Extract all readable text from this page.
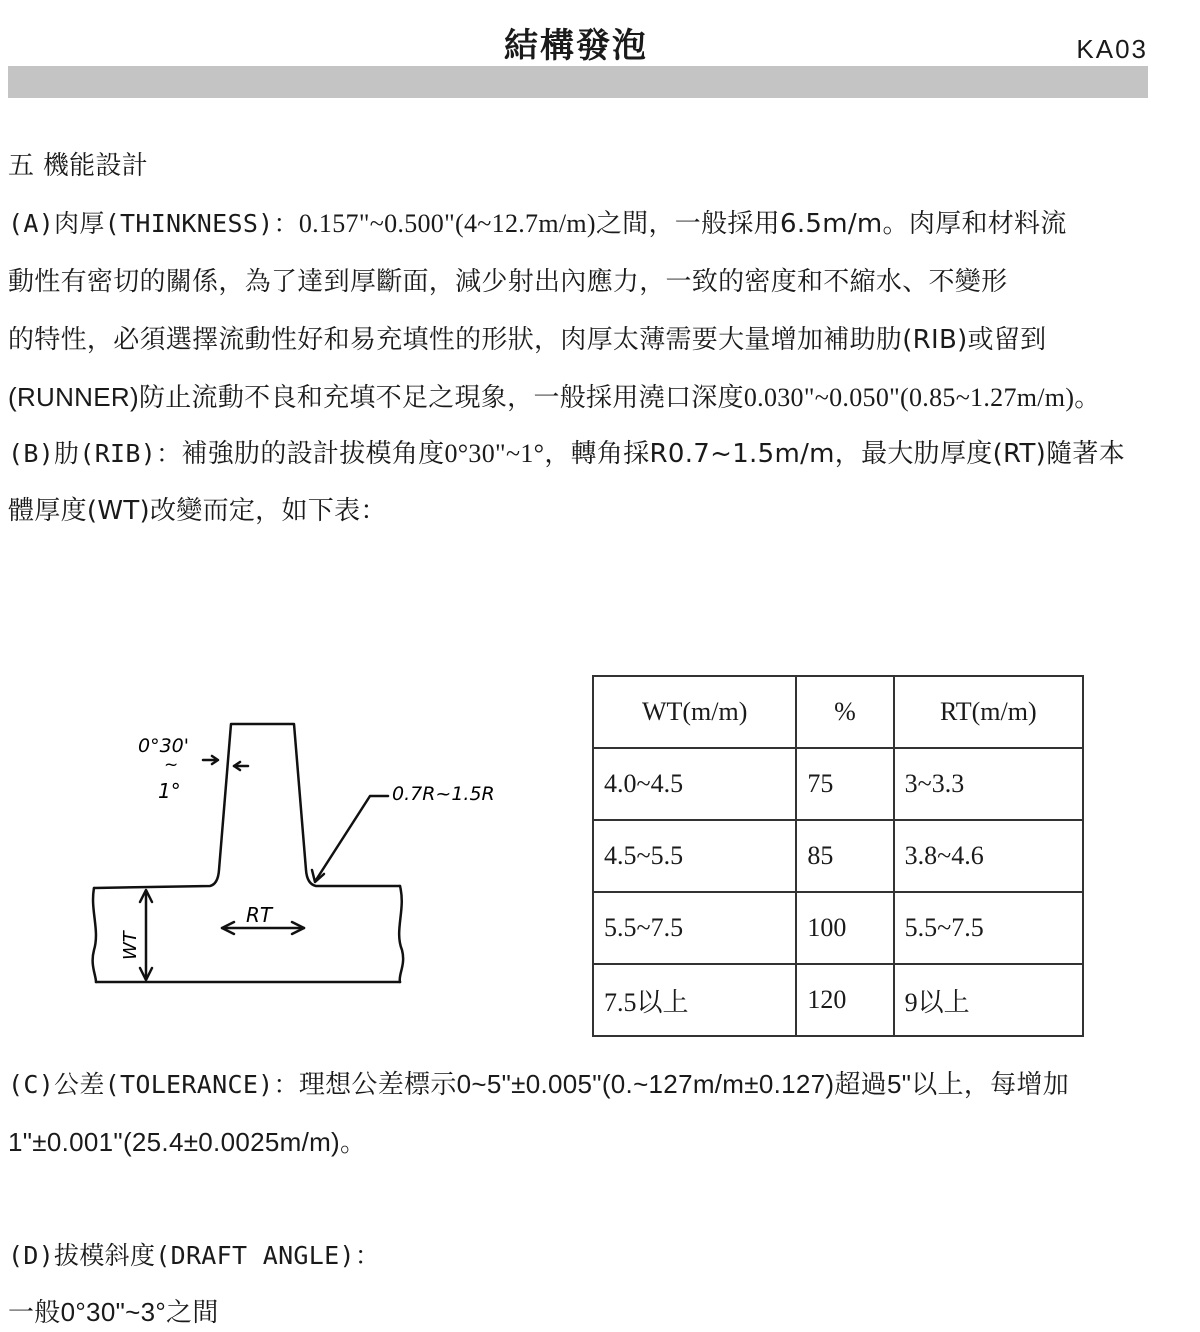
結構發泡	KA03
五 機能設計
(A)肉厚(THINKNESS)：0.157"~0.500"(4~12.7m/m)之間，一般採用6.5m/m。肉厚和材料流
動性有密切的關係，為了達到厚斷面，減少射出內應力，一致的密度和不縮水、不變形
的特性，必須選擇流動性好和易充填性的形狀，肉厚太薄需要大量增加補助肋(RIB)或留到
(RUNNER)防止流動不良和充填不足之現象，一般採用澆口深度0.030"~0.050"(0.85~1.27m/m)。
(B)肋(RIB)：補強肋的設計拔模角度0°30"~1°，轉角採R0.7~1.5m/m，最大肋厚度(RT)隨著本
體厚度(WT)改變而定，如下表：
0°30'
~
1°	0.7R~1.5R
RT
WT
WT(m/m)	%	RT(m/m)
4.0~4.5	75	3~3.3
4.5~5.5	85	3.8~4.6
5.5~7.5	100	5.5~7.5
7.5以上	120	9以上
(C)公差(TOLERANCE)：理想公差標示0~5"±0.005"(0.~127m/m±0.127)超過5"以上，每增加
1"±0.001"(25.4±0.0025m/m)。
(D)拔模斜度(DRAFT ANGLE)：
一般0°30"~3°之間
